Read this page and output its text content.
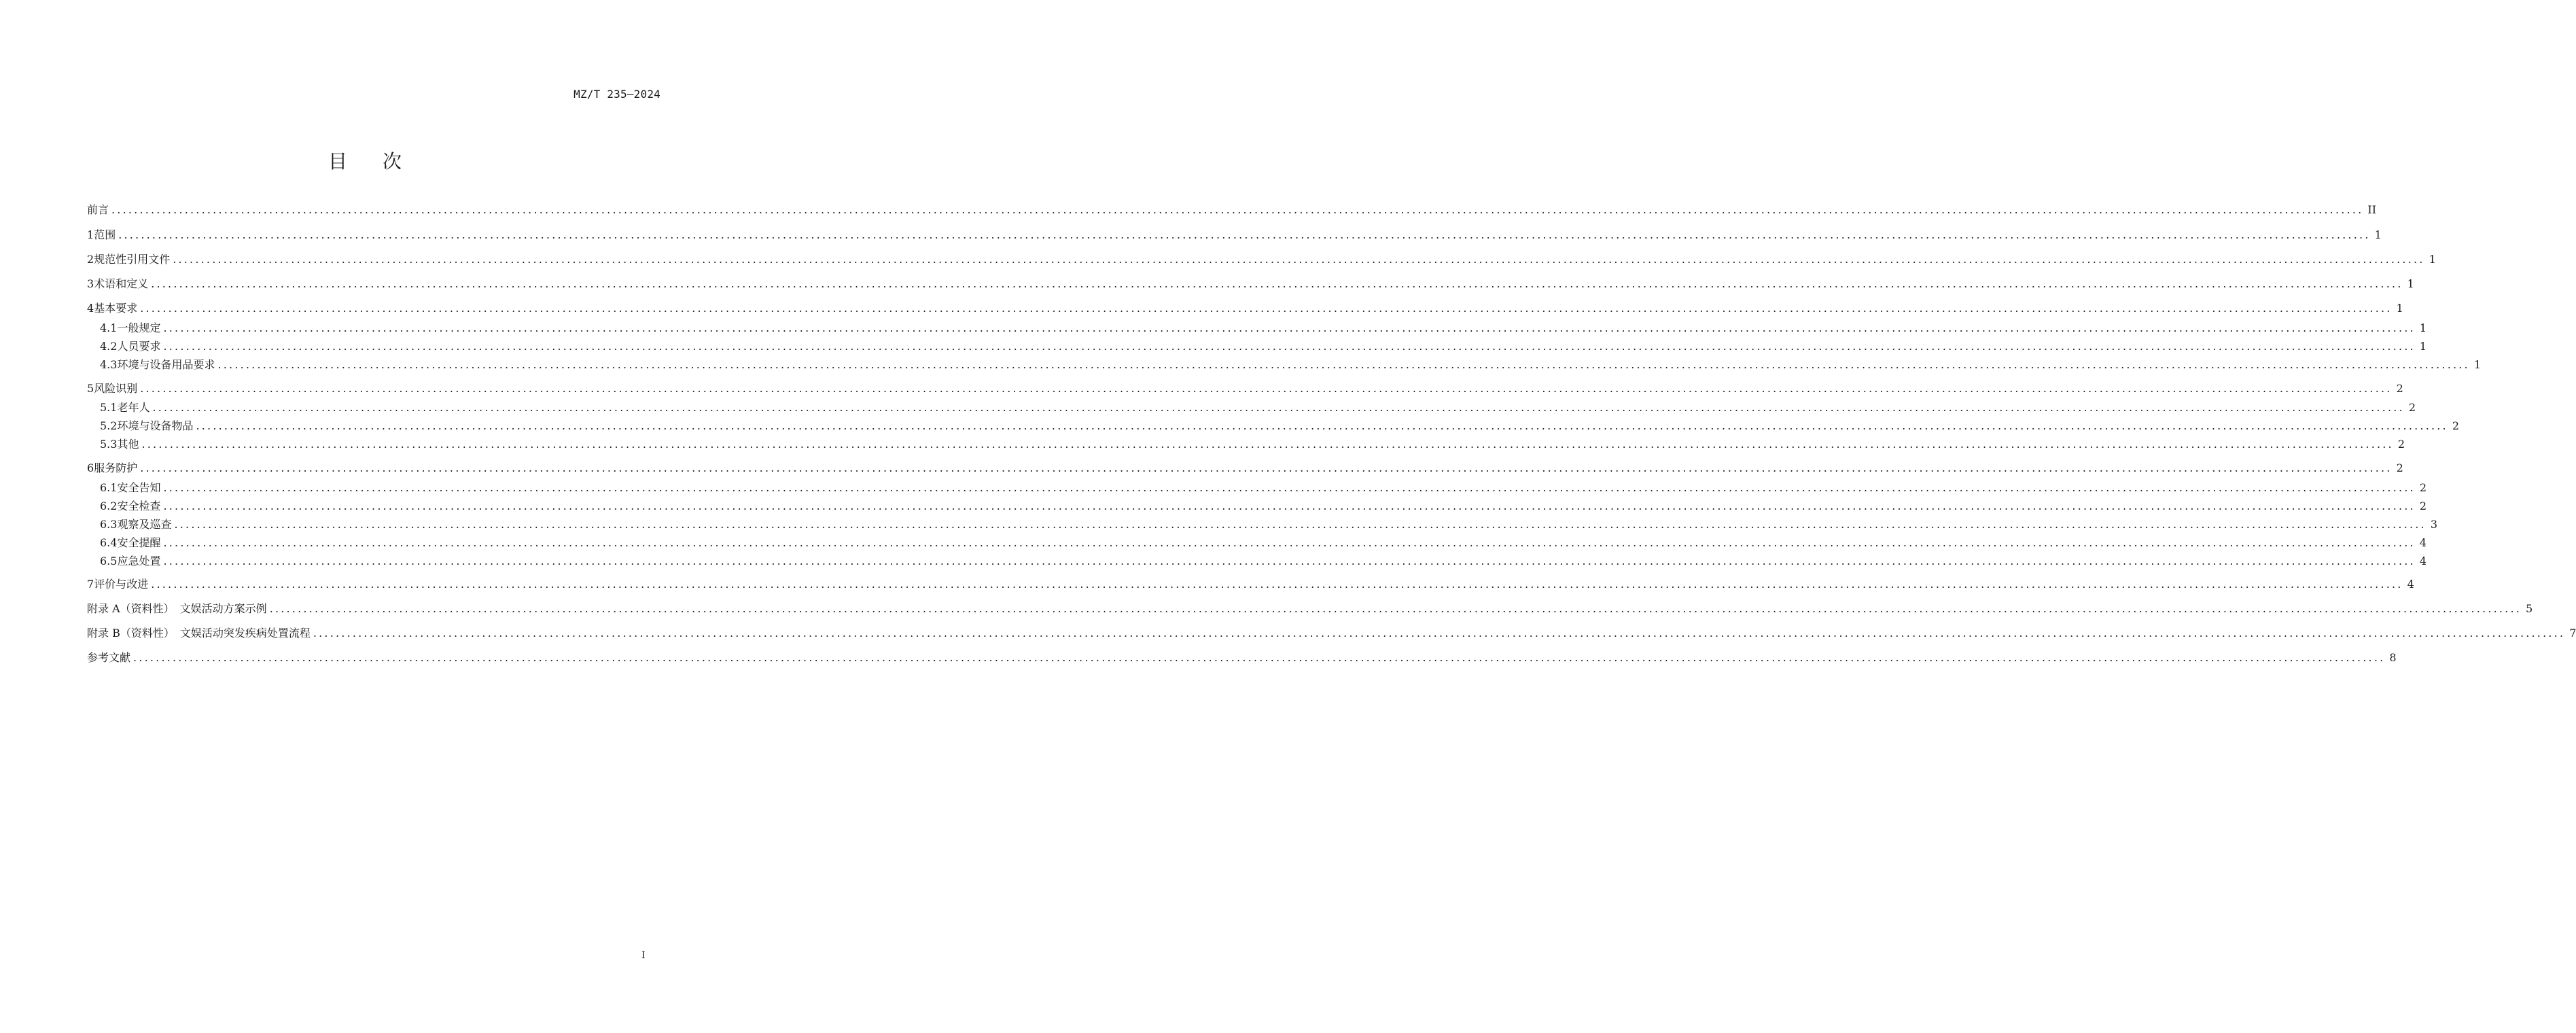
MZ/T 235—2024
目 次
前言 ................................................................................................................................................................................................................................................................................................................................................................................................................ II
1 范围 ................................................................................................................................................................................................................................................................................................................................................................................................................ 1
2 规范性引用文件 ................................................................................................................................................................................................................................................................................................................................................................................................................ 1
3 术语和定义 ................................................................................................................................................................................................................................................................................................................................................................................................................ 1
4 基本要求 ................................................................................................................................................................................................................................................................................................................................................................................................................ 1
4.1 一般规定 ................................................................................................................................................................................................................................................................................................................................................................................................................ 1
4.2 人员要求 ................................................................................................................................................................................................................................................................................................................................................................................................................ 1
4.3 环境与设备用品要求 ................................................................................................................................................................................................................................................................................................................................................................................................................ 1
5 风险识别 ................................................................................................................................................................................................................................................................................................................................................................................................................ 2
5.1 老年人 ................................................................................................................................................................................................................................................................................................................................................................................................................ 2
5.2 环境与设备物品 ................................................................................................................................................................................................................................................................................................................................................................................................................ 2
5.3 其他 ................................................................................................................................................................................................................................................................................................................................................................................................................ 2
6 服务防护 ................................................................................................................................................................................................................................................................................................................................................................................................................ 2
6.1 安全告知 ................................................................................................................................................................................................................................................................................................................................................................................................................ 2
6.2 安全检查 ................................................................................................................................................................................................................................................................................................................................................................................................................ 2
6.3 观察及巡查 ................................................................................................................................................................................................................................................................................................................................................................................................................ 3
6.4 安全提醒 ................................................................................................................................................................................................................................................................................................................................................................................................................ 4
6.5 应急处置 ................................................................................................................................................................................................................................................................................................................................................................................................................ 4
7 评价与改进 ................................................................................................................................................................................................................................................................................................................................................................................................................ 4
附录 A（资料性）　文娱活动方案示例 ................................................................................................................................................................................................................................................................................................................................................................................................................ 5
附录 B（资料性）　文娱活动突发疾病处置流程 ................................................................................................................................................................................................................................................................................................................................................................................................................ 7
参考文献 ................................................................................................................................................................................................................................................................................................................................................................................................................ 8
I
